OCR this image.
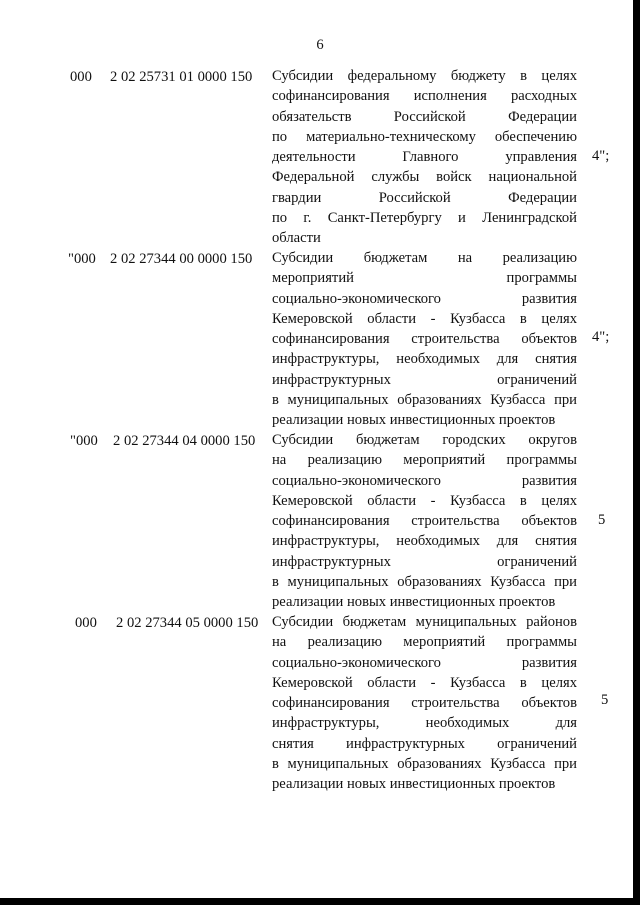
6
000 2 02 25731 01 0000 150 Субсидии федеральному бюджету в целях
софинансирования исполнения расходных
обязательств Российской Федерации
по материально-техническому обеспечению
деятельности Главного управления
Федеральной службы войск национальной
гвардии Российской Федерации
по г. Санкт-Петербургу и Ленинградской
области
4";
"000 2 02 27344 00 0000 150 Субсидии бюджетам на реализацию
мероприятий программы
социально-экономического развития
Кемеровской области - Кузбасса в целях
софинансирования строительства объектов
инфраструктуры, необходимых для снятия
инфраструктурных ограничений
в муниципальных образованиях Кузбасса при
реализации новых инвестиционных проектов
4";
"000 2 02 27344 04 0000 150 Субсидии бюджетам городских округов
на реализацию мероприятий программы
социально-экономического развития
Кемеровской области - Кузбасса в целях
софинансирования строительства объектов
инфраструктуры, необходимых для снятия
инфраструктурных ограничений
в муниципальных образованиях Кузбасса при
реализации новых инвестиционных проектов
5
000 2 02 27344 05 0000 150 Субсидии бюджетам муниципальных районов
на реализацию мероприятий программы
социально-экономического развития
Кемеровской области - Кузбасса в целях
софинансирования строительства объектов
инфраструктуры, необходимых для
снятия инфраструктурных ограничений
в муниципальных образованиях Кузбасса при
реализации новых инвестиционных проектов
5
